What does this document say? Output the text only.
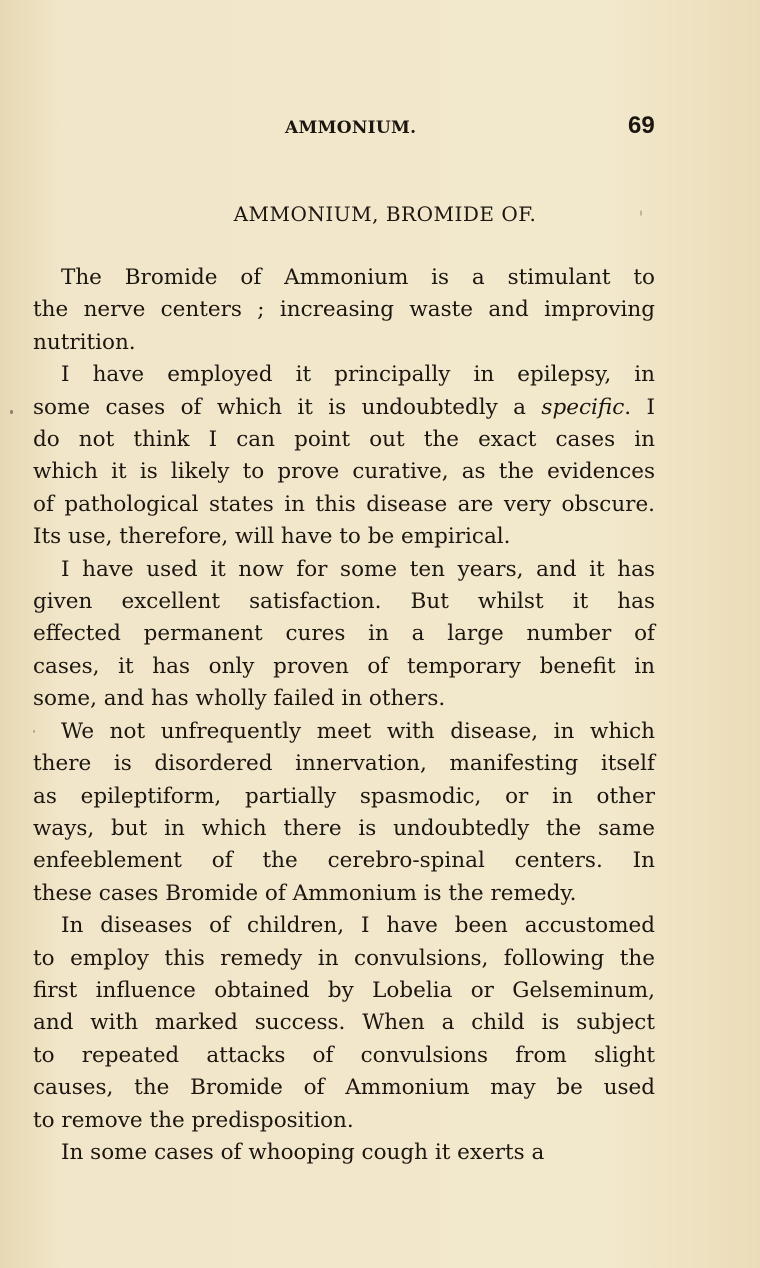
AMMONIUM.	69
AMMONIUM, BROMIDE OF.

The Bromide of Ammonium is a stimulant to
the nerve centers ; increasing waste and improving
nutrition.

I have employed it principally in epilepsy, in
some cases of which it is undoubtedly a specific. I
do not think I can point out the exact cases in
which it is likely to prove curative, as the evidences
of pathological states in this disease are very obscure.
Its use, therefore, will have to be empirical.

I have used it now for some ten years, and it has
given excellent satisfaction. But whilst it has
effected permanent cures in a large number of
cases, it has only proven of temporary benefit in
some, and has wholly failed in others.

We not unfrequently meet with disease, in which
there is disordered innervation, manifesting itself
as epileptiform, partially spasmodic, or in other
ways, but in which there is undoubtedly the same
enfeeblement of the cerebro-spinal centers. In
these cases Bromide of Ammonium is the remedy.

In diseases of children, I have been accustomed
to employ this remedy in convulsions, following the
first influence obtained by Lobelia or Gelseminum,
and with marked success. When a child is subject
to repeated attacks of convulsions from slight
causes, the Bromide of Ammonium may be used
to remove the predisposition.

In some cases of whooping cough it exerts a
